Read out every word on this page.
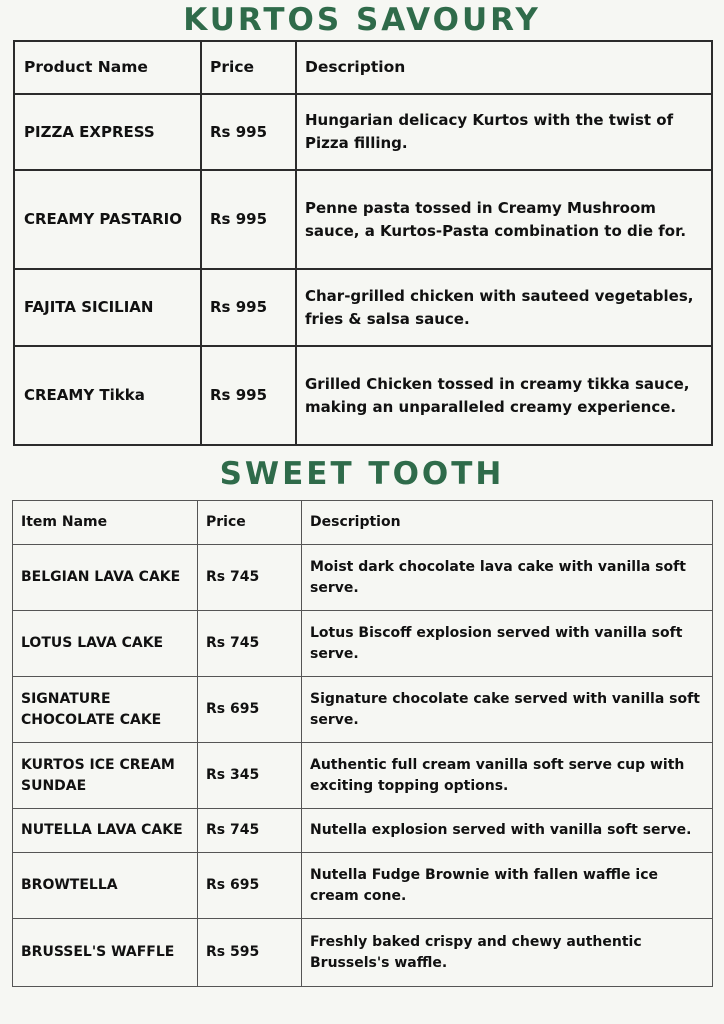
KURTOS SAVOURY
Product Name	Price	Description
PIZZA EXPRESS	Rs 995	Hungarian delicacy Kurtos with the twist of Pizza filling.
CREAMY PASTARIO	Rs 995	Penne pasta tossed in Creamy Mushroom sauce, a Kurtos-Pasta combination to die for.
FAJITA SICILIAN	Rs 995	Char-grilled chicken with sauteed vegetables, fries & salsa sauce.
CREAMY Tikka	Rs 995	Grilled Chicken tossed in creamy tikka sauce, making an unparalleled creamy experience.
SWEET TOOTH
Item Name	Price	Description
BELGIAN LAVA CAKE	Rs 745	Moist dark chocolate lava cake with vanilla soft serve.
LOTUS LAVA CAKE	Rs 745	Lotus Biscoff explosion served with vanilla soft serve.
SIGNATURE CHOCOLATE CAKE	Rs 695	Signature chocolate cake served with vanilla soft serve.
KURTOS ICE CREAM SUNDAE	Rs 345	Authentic full cream vanilla soft serve cup with exciting topping options.
NUTELLA LAVA CAKE	Rs 745	Nutella explosion served with vanilla soft serve.
BROWTELLA	Rs 695	Nutella Fudge Brownie with fallen waffle ice cream cone.
BRUSSEL'S WAFFLE	Rs 595	Freshly baked crispy and chewy authentic Brussels's waffle.
